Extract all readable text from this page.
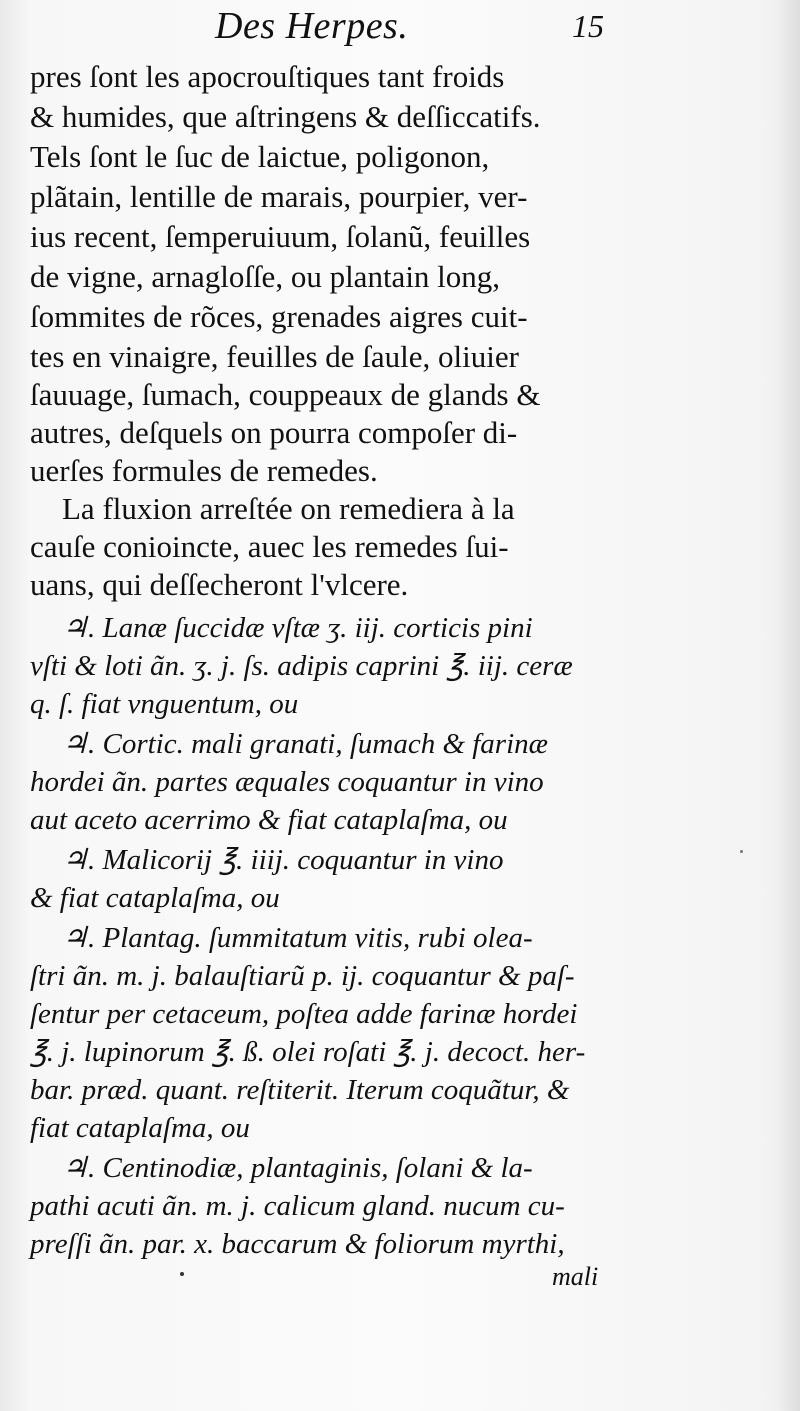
Des Herpes.	15
pres ſont les apocrouſtiques tant froids
& humides, que aſtringens & deſſiccatifs.
Tels ſont le ſuc de laictue, poligonon,
plãtain, lentille de marais, pourpier, ver-
ius recent, ſemperuiuum, ſolanũ, feuilles
de vigne, arnagloſſe, ou plantain long,
ſommites de rõces, grenades aigres cuit-
tes en vinaigre, feuilles de ſaule, oliuier
ſauuage, ſumach, couppeaux de glands &
autres, deſquels on pourra compoſer di-
uerſes formules de remedes.
La fluxion arreſtée on remediera à la
cauſe conioincte, auec les remedes ſui-
uans, qui deſſecheront l'vlcere.
♃. Lanæ ſuccidæ vſtæ ʒ. iij. corticis pini
vſti & loti ãn. ʒ. j. ſs. adipis caprini ℥. iij. ceræ
q. ſ. fiat vnguentum, ou
♃. Cortic. mali granati, ſumach & farinæ
hordei ãn. partes æquales coquantur in vino
aut aceto acerrimo & fiat cataplaſma, ou
♃. Malicorij ℥. iiij. coquantur in vino
& fiat cataplaſma, ou
♃. Plantag. ſummitatum vitis, rubi olea-
ſtri ãn. m. j. balauſtiarũ p. ij. coquantur & paſ-
ſentur per cetaceum, poſtea adde farinæ hordei
℥. j. lupinorum ℥. ß. olei roſati ℥. j. decoct. her-
bar. præd. quant. reſtiterit. Iterum coquãtur, &
fiat cataplaſma, ou
♃. Centinodiæ, plantaginis, ſolani & la-
pathi acuti ãn. m. j. calicum gland. nucum cu-
preſſi ãn. par. x. baccarum & foliorum myrthi,
mali
